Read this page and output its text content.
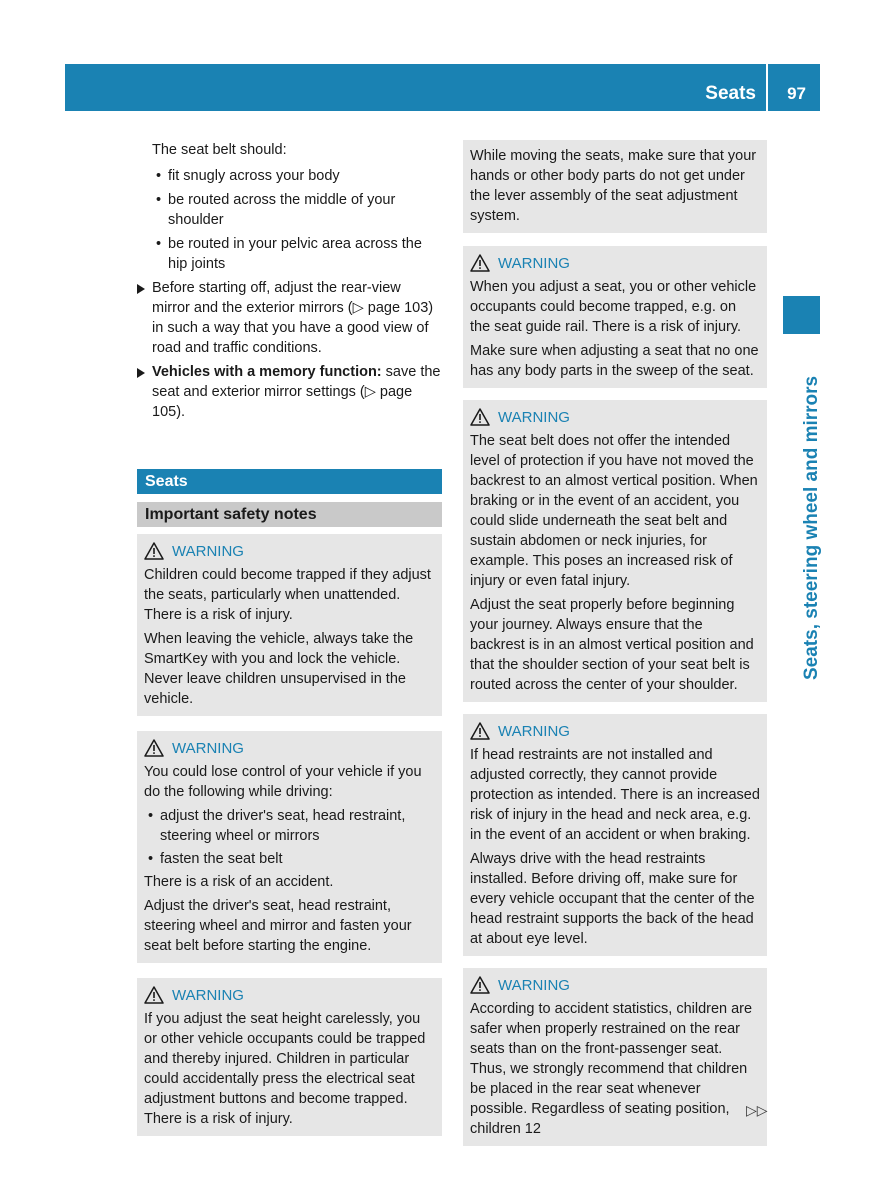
Seats 97
Seats, steering wheel and mirrors

The seat belt should:

• fit snugly across your body
• be routed across the middle of your shoulder
• be routed in your pelvic area across the hip joints
Before starting off, adjust the rear-view mirror and the exterior mirrors (▷ page 103) in such a way that you have a good view of road and traffic conditions.
Vehicles with a memory function: save the seat and exterior mirror settings (▷ page 105).
Seats
Important safety notes
WARNING

Children could become trapped if they adjust the seats, particularly when unattended. There is a risk of injury.

When leaving the vehicle, always take the SmartKey with you and lock the vehicle. Never leave children unsupervised in the vehicle.

WARNING

You could lose control of your vehicle if you do the following while driving:

• adjust the driver's seat, head restraint, steering wheel or mirrors
• fasten the seat belt

There is a risk of an accident.

Adjust the driver's seat, head restraint, steering wheel and mirror and fasten your seat belt before starting the engine.

WARNING

If you adjust the seat height carelessly, you or other vehicle occupants could be trapped and thereby injured. Children in particular could accidentally press the electrical seat adjustment buttons and become trapped. There is a risk of injury.

While moving the seats, make sure that your hands or other body parts do not get under the lever assembly of the seat adjustment system.

WARNING

When you adjust a seat, you or other vehicle occupants could become trapped, e.g. on the seat guide rail. There is a risk of injury.

Make sure when adjusting a seat that no one has any body parts in the sweep of the seat.

WARNING

The seat belt does not offer the intended level of protection if you have not moved the backrest to an almost vertical position. When braking or in the event of an accident, you could slide underneath the seat belt and sustain abdomen or neck injuries, for example. This poses an increased risk of injury or even fatal injury.

Adjust the seat properly before beginning your journey. Always ensure that the backrest is in an almost vertical position and that the shoulder section of your seat belt is routed across the center of your shoulder.

WARNING

If head restraints are not installed and adjusted correctly, they cannot provide protection as intended. There is an increased risk of injury in the head and neck area, e.g. in the event of an accident or when braking.

Always drive with the head restraints installed. Before driving off, make sure for every vehicle occupant that the center of the head restraint supports the back of the head at about eye level.

WARNING

According to accident statistics, children are safer when properly restrained on the rear seats than on the front-passenger seat. Thus, we strongly recommend that children be placed in the rear seat whenever possible. Regardless of seating position, children 12

▷▷
